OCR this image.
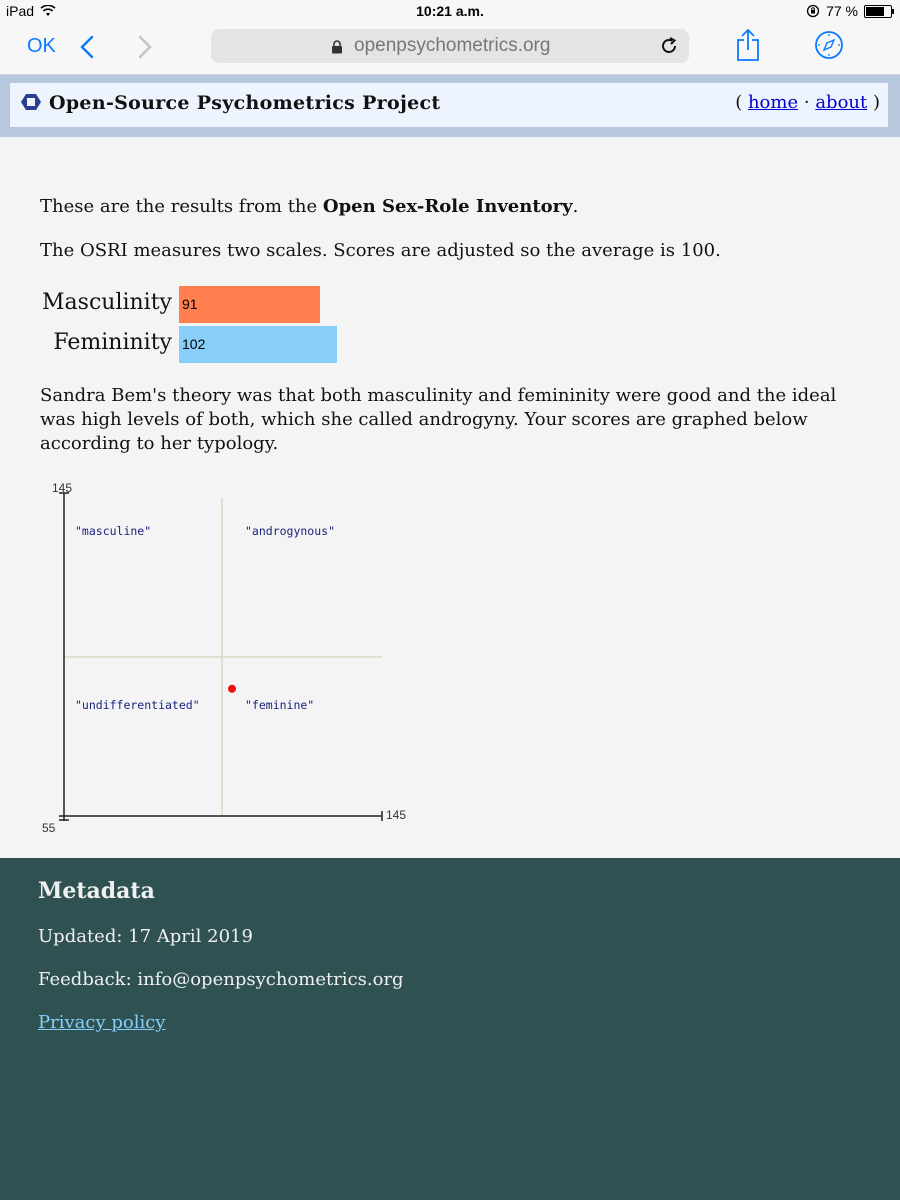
iPad	10:21 a.m.	77 %
OK	openpsychometrics.org
Open-Source Psychometrics Project	( home · about )
These are the results from the Open Sex-Role Inventory.
The OSRI measures two scales. Scores are adjusted so the average is 100.
Masculinity 91
Femininity 102
Sandra Bem's theory was that both masculinity and femininity were good and the ideal was high levels of both, which she called androgyny. Your scores are graphed below according to her typology.
145
145
55
"masculine"	"androgynous"
"undifferentiated"	"feminine"
Metadata
Updated: 17 April 2019
Feedback: info@openpsychometrics.org
Privacy policy
